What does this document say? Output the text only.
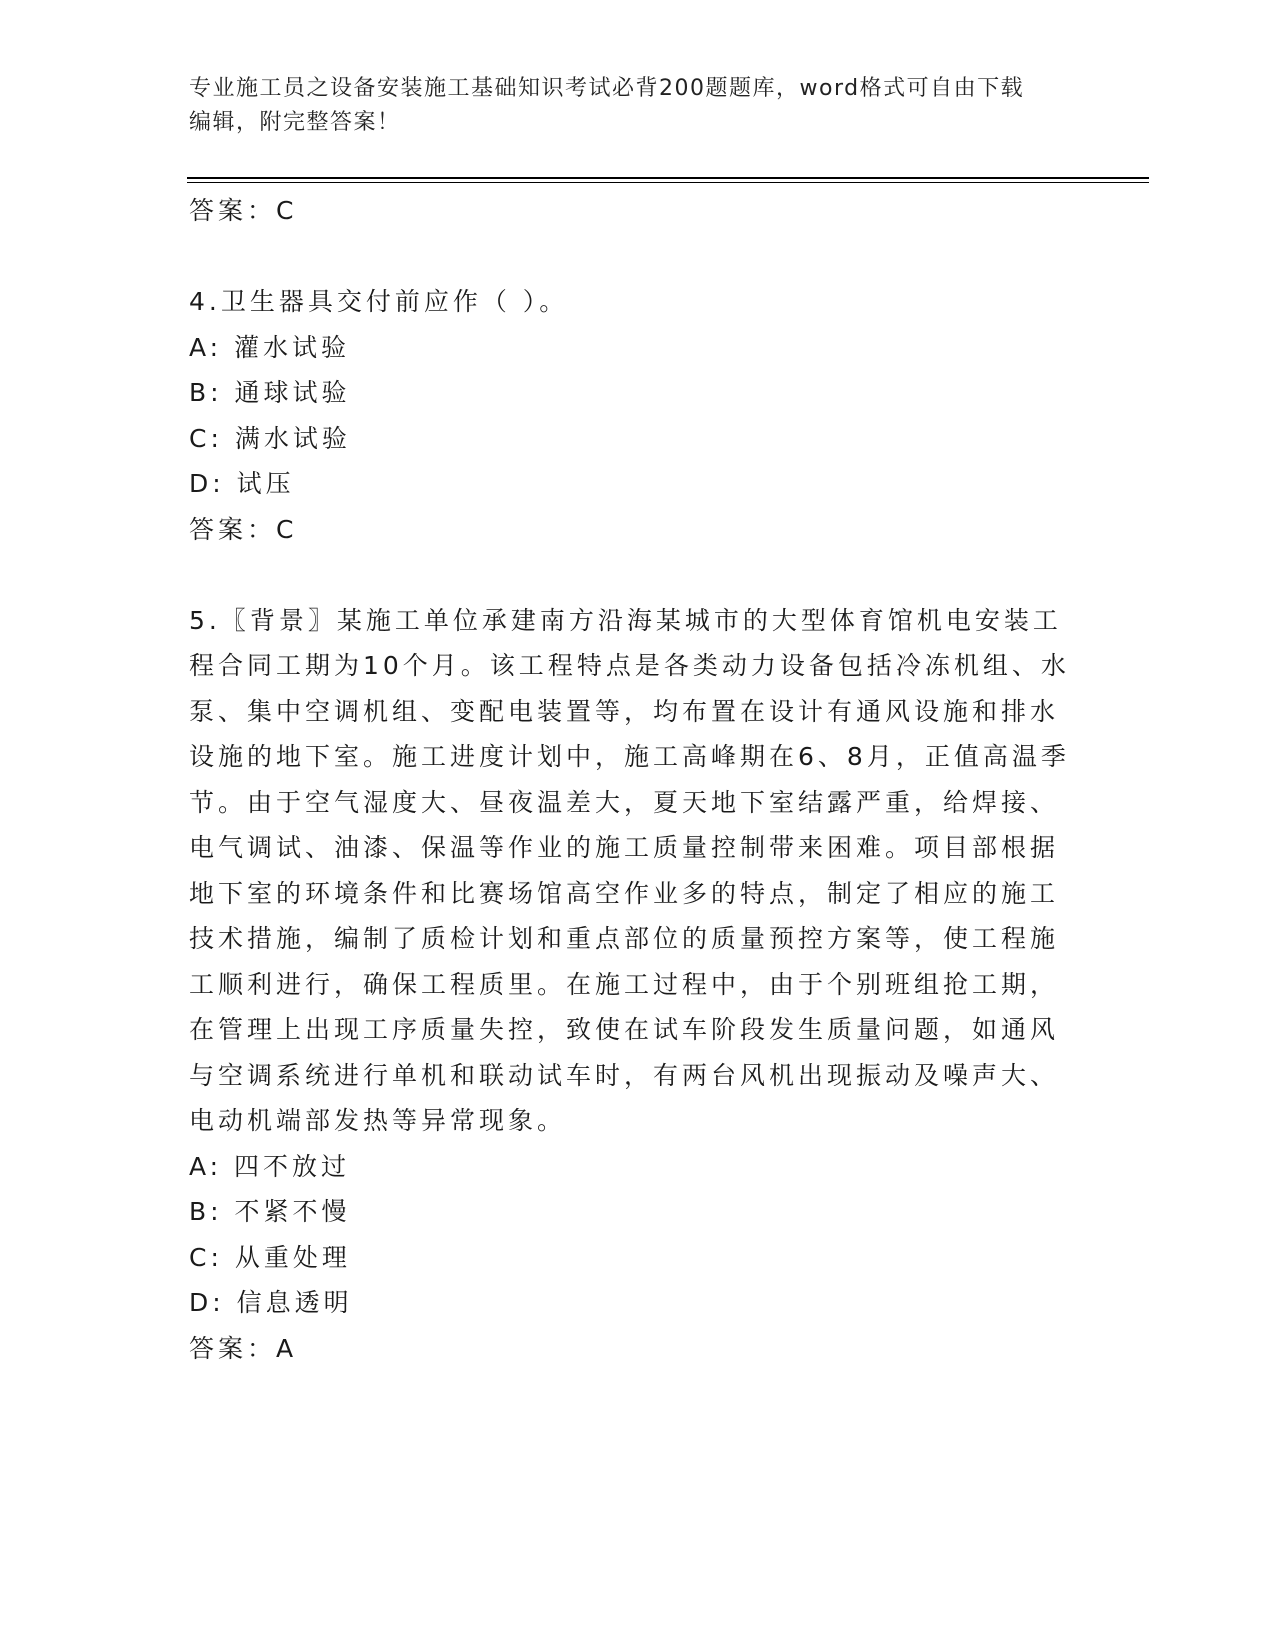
专业施工员之设备安装施工基础知识考试必背200题题库，word格式可自由下载
编辑，附完整答案！
答案：C
4.卫生器具交付前应作（ ）。
A: 灌水试验
B: 通球试验
C: 满水试验
D: 试压
答案：C
5.〖背景〗某施工单位承建南方沿海某城市的大型体育馆机电安装工
程合同工期为10个月。该工程特点是各类动力设备包括冷冻机组、水
泵、集中空调机组、变配电装置等，均布置在设计有通风设施和排水
设施的地下室。施工进度计划中，施工高峰期在6、8月，正值高温季
节。由于空气湿度大、昼夜温差大，夏天地下室结露严重，给焊接、
电气调试、油漆、保温等作业的施工质量控制带来困难。项目部根据
地下室的环境条件和比赛场馆高空作业多的特点，制定了相应的施工
技术措施，编制了质检计划和重点部位的质量预控方案等，使工程施
工顺利进行，确保工程质里。在施工过程中，由于个别班组抢工期，
在管理上出现工序质量失控，致使在试车阶段发生质量问题，如通风
与空调系统进行单机和联动试车时，有两台风机出现振动及噪声大、
电动机端部发热等异常现象。
A: 四不放过
B: 不紧不慢
C: 从重处理
D: 信息透明
答案：A
